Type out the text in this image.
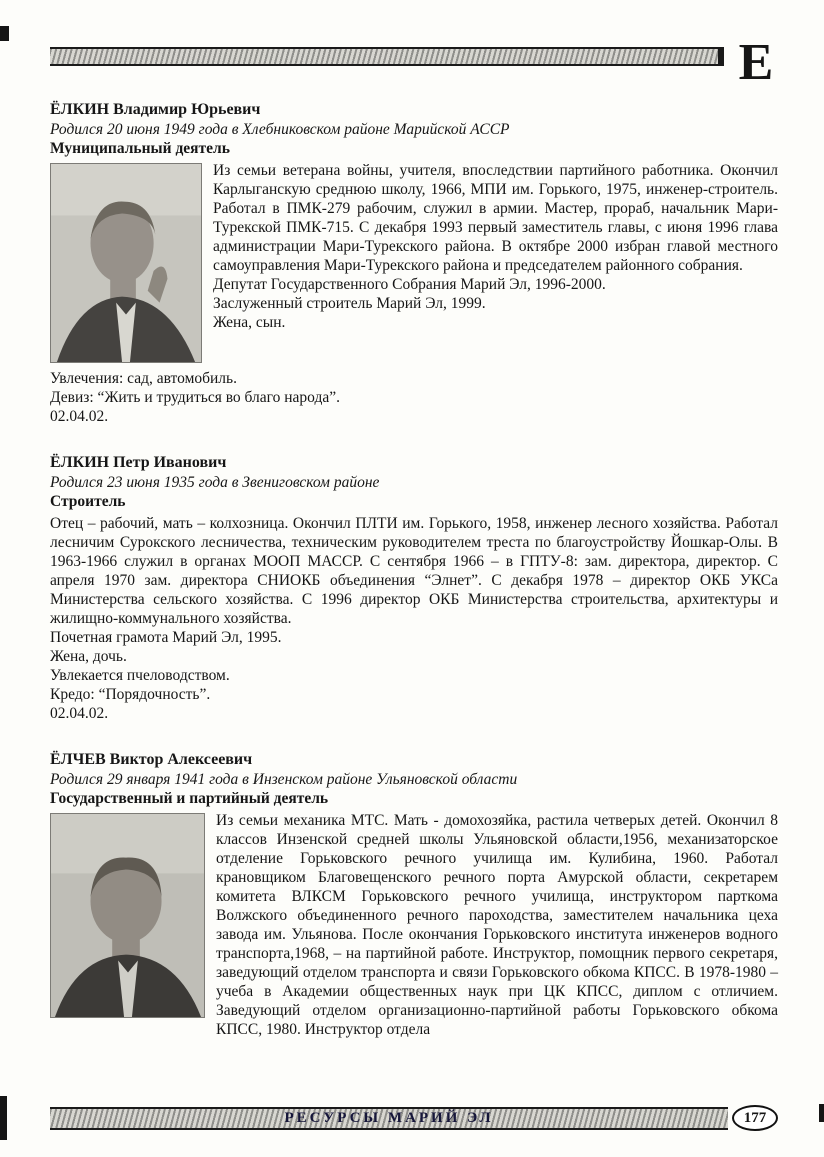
Е
ЁЛКИН Владимир Юрьевич
Родился 20 июня 1949 года в Хлебниковском районе Марийской АССР
Муниципальный деятель

Из семьи ветерана войны, учителя, впоследствии партийного работника. Окончил Карлыганскую среднюю школу, 1966, МПИ им. Горького, 1975, инженер-строитель. Работал в ПМК-279 рабочим, служил в армии. Мастер, прораб, начальник Мари-Турекской ПМК-715. С декабря 1993 первый заместитель главы, с июня 1996 глава администрации Мари-Турекского района. В октябре 2000 избран главой местного самоуправления Мари-Турекского района и председателем районного собрания.

Депутат Государственного Собрания Марий Эл, 1996-2000.

Заслуженный строитель Марий Эл, 1999.

Жена, сын.

Увлечения: сад, автомобиль.

Девиз: “Жить и трудиться во благо народа”.

02.04.02.

ЁЛКИН Петр Иванович
Родился 23 июня 1935 года в Звениговском районе
Строитель

Отец – рабочий, мать – колхозница. Окончил ПЛТИ им. Горького, 1958, инженер лесного хозяйства. Работал лесничим Сурокского лесничества, техническим руководителем треста по благоустройству Йошкар-Олы. В 1963-1966 служил в органах МООП МАССР. С сентября 1966 – в ГПТУ-8: зам. директора, директор. С апреля 1970 зам. директора СНИОКБ объединения “Элнет”. С декабря 1978 – директор ОКБ УКСа Министерства сельского хозяйства. С 1996 директор ОКБ Министерства строительства, архитектуры и жилищно-коммунального хозяйства.

Почетная грамота Марий Эл, 1995.

Жена, дочь.

Увлекается пчеловодством.

Кредо: “Порядочность”.

02.04.02.

ЁЛЧЕВ Виктор Алексеевич
Родился 29 января 1941 года в Инзенском районе Ульяновской области
Государственный и партийный деятель

Из семьи механика МТС. Мать - домохозяйка, растила четверых детей. Окончил 8 классов Инзенской средней школы Ульяновской области,1956, механизаторское отделение Горьковского речного училища им. Кулибина, 1960. Работал крановщиком Благовещенского речного порта Амурской области, секретарем комитета ВЛКСМ Горьковского речного училища, инструктором парткома Волжского объединенного речного пароходства, заместителем начальника цеха завода им. Ульянова. После окончания Горьковского института инженеров водного транспорта,1968, – на партийной работе. Инструктор, помощник первого секретаря, заведующий отделом транспорта и связи Горьковского обкома КПСС. В 1978-1980 – учеба в Академии общественных наук при ЦК КПСС, диплом с отличием. Заведующий отделом организационно-партийной работы Горьковского обкома КПСС, 1980. Инструктор отдела

РЕСУРСЫ МАРИЙ ЭЛ	177
